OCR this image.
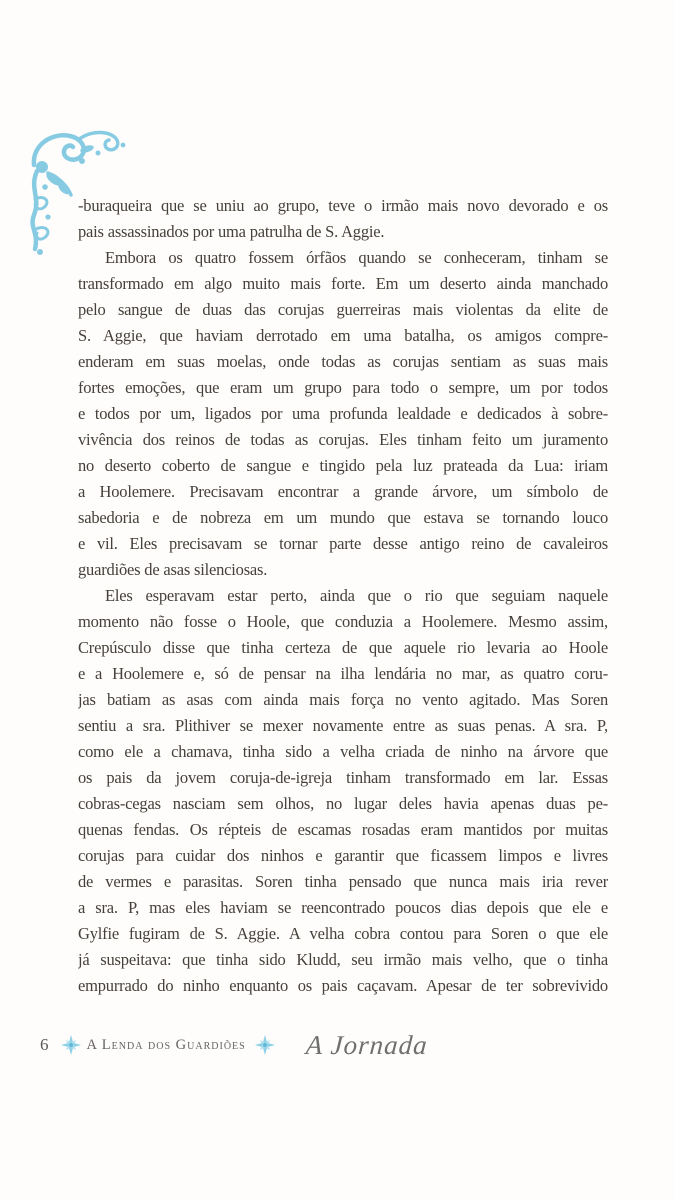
-buraqueira que se uniu ao grupo, teve o irmão mais novo devorado e os
pais assassinados por uma patrulha de S. Aggie.
Embora os quatro fossem órfãos quando se conheceram, tinham se
transformado em algo muito mais forte. Em um deserto ainda manchado
pelo sangue de duas das corujas guerreiras mais violentas da elite de
S. Aggie, que haviam derrotado em uma batalha, os amigos compre-
enderam em suas moelas, onde todas as corujas sentiam as suas mais
fortes emoções, que eram um grupo para todo o sempre, um por todos
e todos por um, ligados por uma profunda lealdade e dedicados à sobre-
vivência dos reinos de todas as corujas. Eles tinham feito um juramento
no deserto coberto de sangue e tingido pela luz prateada da Lua: iriam
a Hoolemere. Precisavam encontrar a grande árvore, um símbolo de
sabedoria e de nobreza em um mundo que estava se tornando louco
e vil. Eles precisavam se tornar parte desse antigo reino de cavaleiros
guardiões de asas silenciosas.
Eles esperavam estar perto, ainda que o rio que seguiam naquele
momento não fosse o Hoole, que conduzia a Hoolemere. Mesmo assim,
Crepúsculo disse que tinha certeza de que aquele rio levaria ao Hoole
e a Hoolemere e, só de pensar na ilha lendária no mar, as quatro coru-
jas batiam as asas com ainda mais força no vento agitado. Mas Soren
sentiu a sra. Plithiver se mexer novamente entre as suas penas. A sra. P,
como ele a chamava, tinha sido a velha criada de ninho na árvore que
os pais da jovem coruja-de-igreja tinham transformado em lar. Essas
cobras-cegas nasciam sem olhos, no lugar deles havia apenas duas pe-
quenas fendas. Os répteis de escamas rosadas eram mantidos por muitas
corujas para cuidar dos ninhos e garantir que ficassem limpos e livres
de vermes e parasitas. Soren tinha pensado que nunca mais iria rever
a sra. P, mas eles haviam se reencontrado poucos dias depois que ele e
Gylfie fugiram de S. Aggie. A velha cobra contou para Soren o que ele
já suspeitava: que tinha sido Kludd, seu irmão mais velho, que o tinha
empurrado do ninho enquanto os pais caçavam. Apesar de ter sobrevivido
6	A Lenda dos Guardiões A Jornada
